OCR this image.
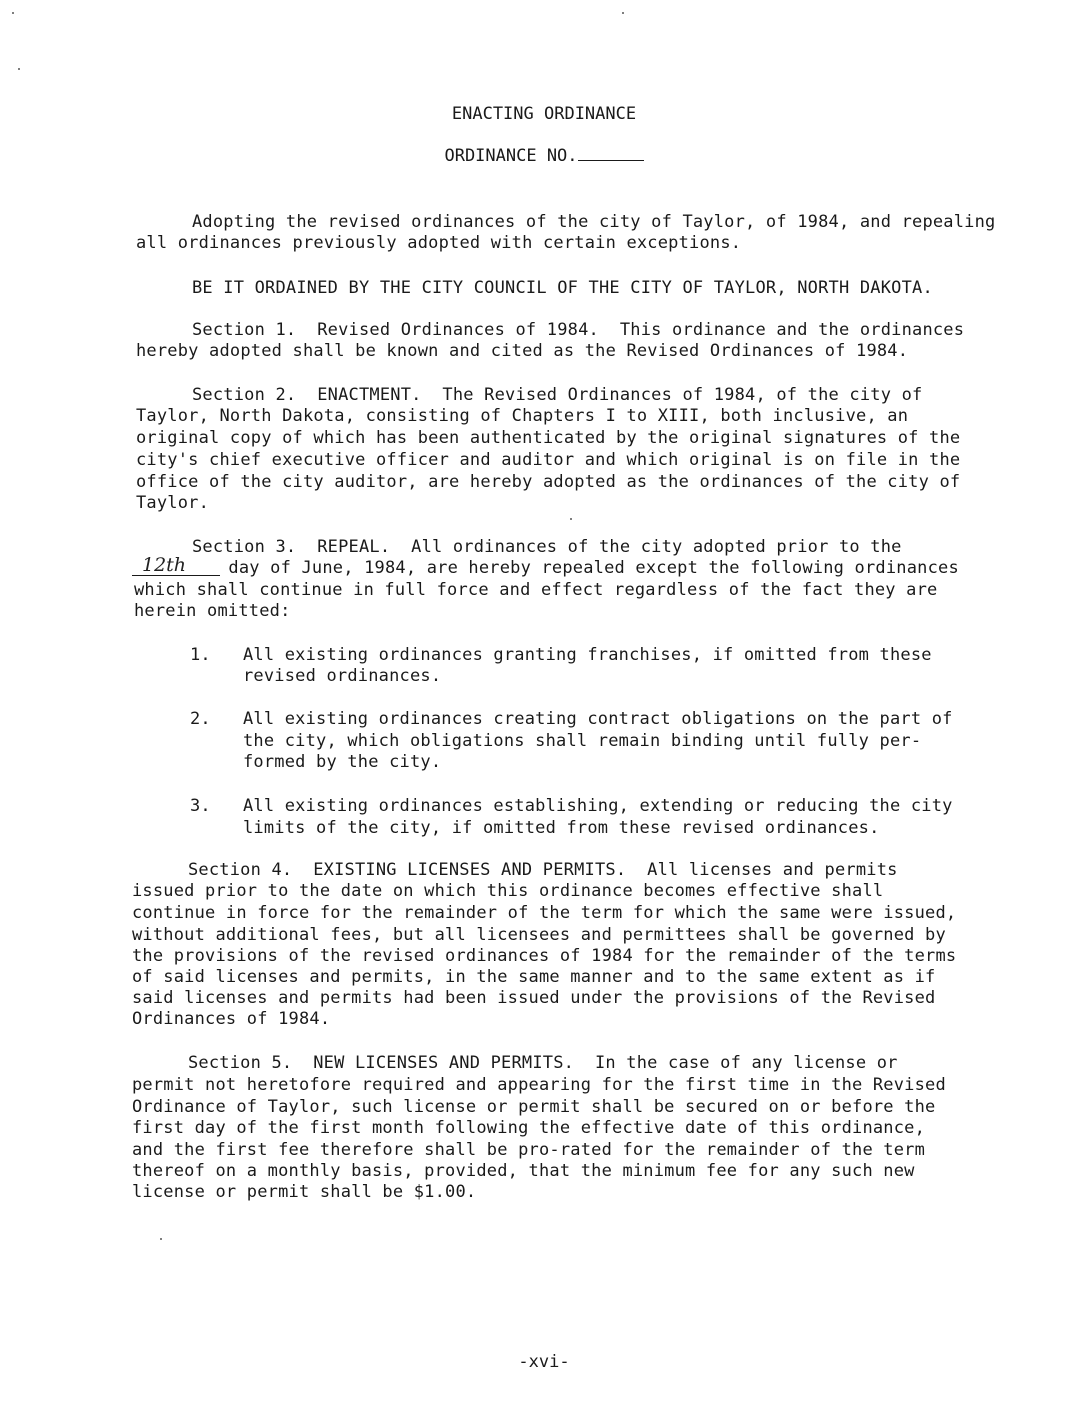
ENACTING ORDINANCE
ORDINANCE NO.
Adopting the revised ordinances of the city of Taylor, of 1984, and repealing
all ordinances previously adopted with certain exceptions.
BE IT ORDAINED BY THE CITY COUNCIL OF THE CITY OF TAYLOR, NORTH DAKOTA.
Section 1.  Revised Ordinances of 1984.  This ordinance and the ordinances
hereby adopted shall be known and cited as the Revised Ordinances of 1984.
Section 2.  ENACTMENT.  The Revised Ordinances of 1984, of the city of
Taylor, North Dakota, consisting of Chapters I to XIII, both inclusive, an
original copy of which has been authenticated by the original signatures of the
city's chief executive officer and auditor and which original is on file in the
office of the city auditor, are hereby adopted as the ordinances of the city of
Taylor.
Section 3.  REPEAL.  All ordinances of the city adopted prior to the
12th day of June, 1984, are hereby repealed except the following ordinances
which shall continue in full force and effect regardless of the fact they are
herein omitted:
1. All existing ordinances granting franchises, if omitted from these
revised ordinances.
2. All existing ordinances creating contract obligations on the part of
the city, which obligations shall remain binding until fully per-
formed by the city.
3. All existing ordinances establishing, extending or reducing the city
limits of the city, if omitted from these revised ordinances.
Section 4.  EXISTING LICENSES AND PERMITS.  All licenses and permits
issued prior to the date on which this ordinance becomes effective shall
continue in force for the remainder of the term for which the same were issued,
without additional fees, but all licensees and permittees shall be governed by
the provisions of the revised ordinances of 1984 for the remainder of the terms
of said licenses and permits, in the same manner and to the same extent as if
said licenses and permits had been issued under the provisions of the Revised
Ordinances of 1984.
Section 5.  NEW LICENSES AND PERMITS.  In the case of any license or
permit not heretofore required and appearing for the first time in the Revised
Ordinance of Taylor, such license or permit shall be secured on or before the
first day of the first month following the effective date of this ordinance,
and the first fee therefore shall be pro-rated for the remainder of the term
thereof on a monthly basis, provided, that the minimum fee for any such new
license or permit shall be $1.00.
-xvi-
